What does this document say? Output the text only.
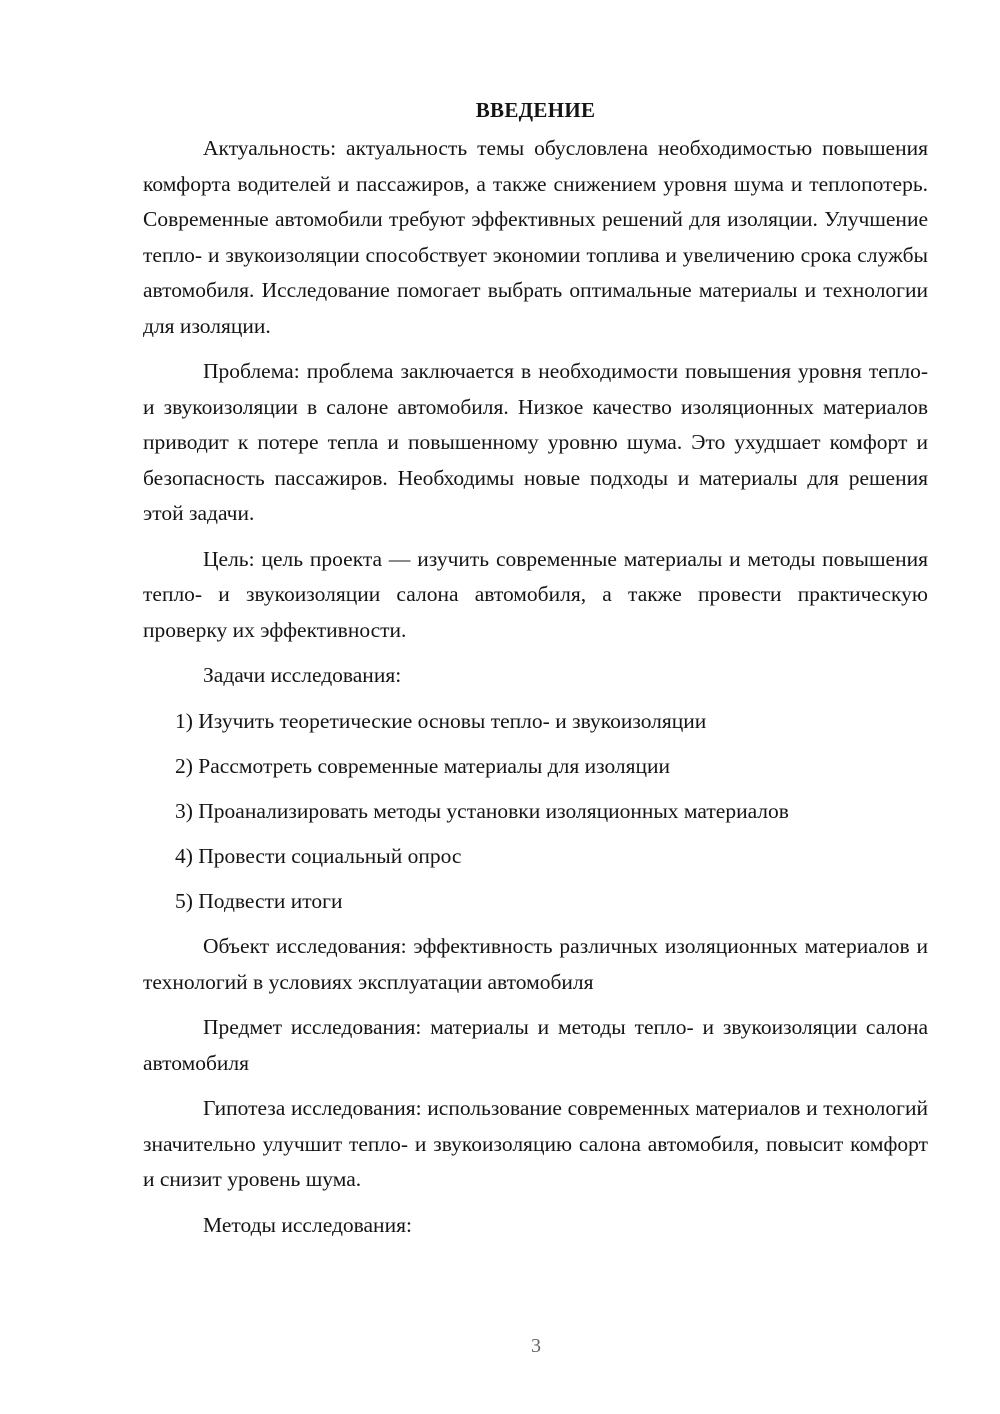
ВВЕДЕНИЕ

Актуальность: актуальность темы обусловлена необходимостью повышения комфорта водителей и пассажиров, а также снижением уровня шума и теплопотерь. Современные автомобили требуют эффективных решений для изоляции. Улучшение тепло- и звукоизоляции способствует экономии топлива и увеличению срока службы автомобиля. Исследование помогает выбрать оптимальные материалы и технологии для изоляции.

Проблема: проблема заключается в необходимости повышения уровня тепло- и звукоизоляции в салоне автомобиля. Низкое качество изоляционных материалов приводит к потере тепла и повышенному уровню шума. Это ухудшает комфорт и безопасность пассажиров. Необходимы новые подходы и материалы для решения этой задачи.

Цель: цель проекта — изучить современные материалы и методы повышения тепло- и звукоизоляции салона автомобиля, а также провести практическую проверку их эффективности.

Задачи исследования:

1) Изучить теоретические основы тепло- и звукоизоляции
2) Рассмотреть современные материалы для изоляции
3) Проанализировать методы установки изоляционных материалов
4) Провести социальный опрос
5) Подвести итоги

Объект исследования: эффективность различных изоляционных материалов и технологий в условиях эксплуатации автомобиля

Предмет исследования: материалы и методы тепло- и звукоизоляции салона автомобиля

Гипотеза исследования: использование современных материалов и технологий значительно улучшит тепло- и звукоизоляцию салона автомобиля, повысит комфорт и снизит уровень шума.

Методы исследования:

3
